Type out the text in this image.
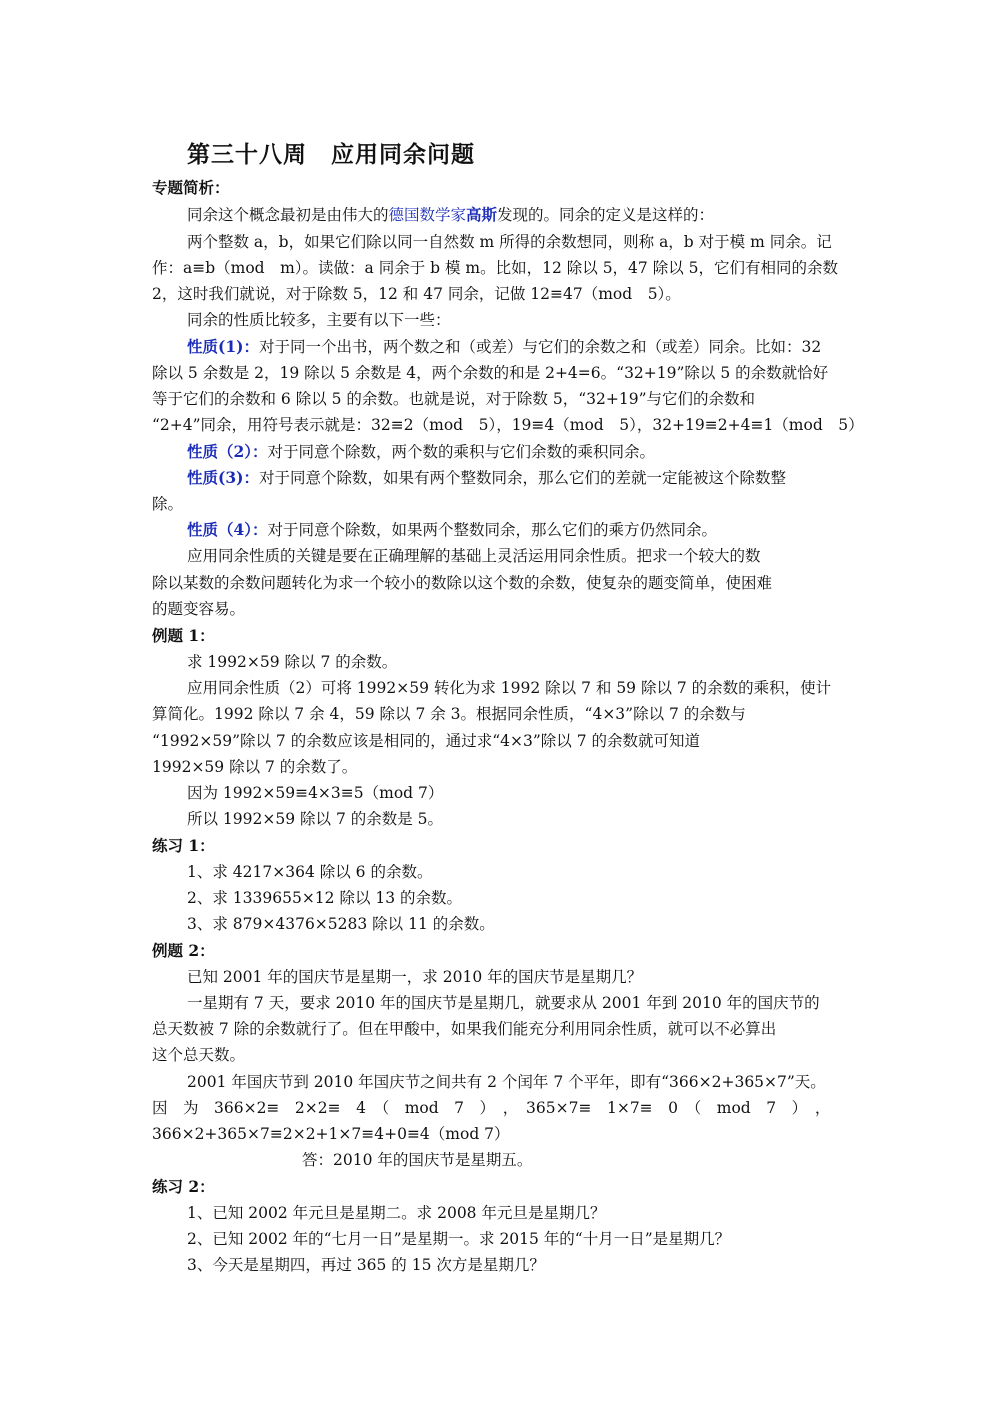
第三十八周　应用同余问题
专题简析：
同余这个概念最初是由伟大的德国数学家高斯发现的。同余的定义是这样的：
两个整数 a，b，如果它们除以同一自然数 m 所得的余数想同，则称 a，b 对于模 m 同余。记
作：a≡b（mod　m）。读做：a 同余于 b 模 m。比如，12 除以 5，47 除以 5，它们有相同的余数
2，这时我们就说，对于除数 5，12 和 47 同余，记做 12≡47（mod　5）。
同余的性质比较多，主要有以下一些：
性质(1)：对于同一个出书，两个数之和（或差）与它们的余数之和（或差）同余。比如：32
除以 5 余数是 2，19 除以 5 余数是 4，两个余数的和是 2+4=6。“32+19”除以 5 的余数就恰好
等于它们的余数和 6 除以 5 的余数。也就是说，对于除数 5，“32+19”与它们的余数和
“2+4”同余，用符号表示就是：32≡2（mod　5），19≡4（mod　5），32+19≡2+4≡1（mod　5）
性质（2）：对于同意个除数，两个数的乘积与它们余数的乘积同余。
性质(3)：对于同意个除数，如果有两个整数同余，那么它们的差就一定能被这个除数整
除。
性质（4）：对于同意个除数，如果两个整数同余，那么它们的乘方仍然同余。
应用同余性质的关键是要在正确理解的基础上灵活运用同余性质。把求一个较大的数
除以某数的余数问题转化为求一个较小的数除以这个数的余数，使复杂的题变简单，使困难
的题变容易。
例题 1：
求 1992×59 除以 7 的余数。
应用同余性质（2）可将 1992×59 转化为求 1992 除以 7 和 59 除以 7 的余数的乘积，使计
算简化。1992 除以 7 余 4，59 除以 7 余 3。根据同余性质，“4×3”除以 7 的余数与
“1992×59”除以 7 的余数应该是相同的，通过求“4×3”除以 7 的余数就可知道
1992×59 除以 7 的余数了。
因为 1992×59≡4×3≡5（mod 7）
所以 1992×59 除以 7 的余数是 5。
练习 1：
1、求 4217×364 除以 6 的余数。
2、求 1339655×12 除以 13 的余数。
3、求 879×4376×5283 除以 11 的余数。
例题 2：
已知 2001 年的国庆节是星期一，求 2010 年的国庆节是星期几？
一星期有 7 天，要求 2010 年的国庆节是星期几，就要求从 2001 年到 2010 年的国庆节的
总天数被 7 除的余数就行了。但在甲酸中，如果我们能充分利用同余性质，就可以不必算出
这个总天数。
2001 年国庆节到 2010 年国庆节之间共有 2 个闰年 7 个平年，即有“366×2+365×7”天。
因　为　366×2≡　2×2≡　4　（　mod　7　）　，　365×7≡　1×7≡　0　（　mod　7　）　，
366×2+365×7≡2×2+1×7≡4+0≡4（mod 7）
答：2010 年的国庆节是星期五。
练习 2：
1、已知 2002 年元旦是星期二。求 2008 年元旦是星期几？
2、已知 2002 年的“七月一日”是星期一。求 2015 年的“十月一日”是星期几？
3、今天是星期四，再过 365 的 15 次方是星期几？
